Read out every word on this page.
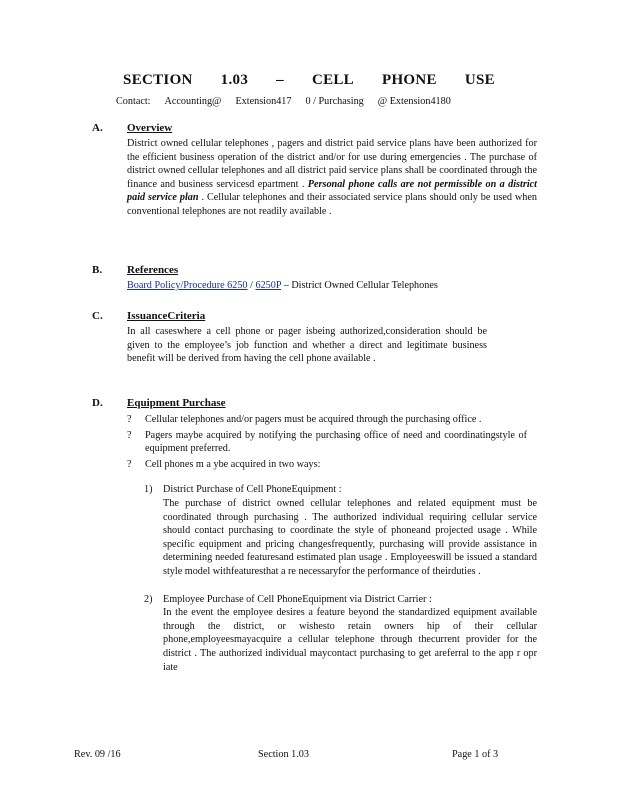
SECTION 1.03 – CELL PHONE USE
Contact: Accounting@ Extension417 0 / Purchasing @ Extension4180
A. Overview

District owned cellular telephones , pagers and district paid service plans have been authorized for the efficient business operation of the district and/or for use during emergencies . The purchase of district owned cellular telephones and all district paid service plans shall be coordinated through the finance and business servicesd epartment . Personal phone calls are not permissible on a district paid service plan . Cellular telephones and their associated service plans should only be used when conventional telephones are not readily available .

B. References
Board Policy/Procedure 6250 / 6250P – District Owned Cellular Telephones
C. IssuanceCriteria

In all caseswhere a cell phone or pager isbeing authorized,consideration should be given to the employee’s job function and whether a direct and legitimate business benefit will be derived from having the cell phone available .

D. Equipment Purchase
? Cellular telephones and/or pagers must be acquired through the purchasing office .

? Pagers maybe acquired by notifying the purchasing office of need and coordinatingstyle of equipment preferred.

? Cell phones m a ybe acquired in two ways:

1) District Purchase of Cell PhoneEquipment :

The purchase of district owned cellular telephones and related equipment must be coordinated through purchasing . The authorized individual requiring cellular service should contact purchasing to coordinate the style of phoneand projected usage . While specific equipment and pricing changesfrequently, purchasing will provide assistance in determining needed featuresand estimated plan usage . Employeeswill be issued a standard style model withfeaturesthat a re necessaryfor the performance of theirduties .

2) Employee Purchase of Cell PhoneEquipment via District Carrier :

In the event the employee desires a feature beyond the standardized equipment available through the district, or wishesto retain owners hip of their cellular phone,employeesmayacquire a cellular telephone through thecurrent provider for the district . The authorized individual maycontact purchasing to get areferral to the app r opr iate

Rev. 09 /16	Section 1.03	Page 1 of 3
